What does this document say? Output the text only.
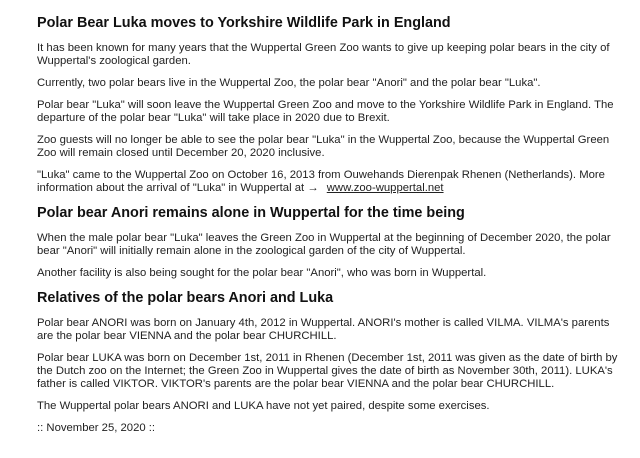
Polar Bear Luka moves to Yorkshire Wildlife Park in England

It has been known for many years that the Wuppertal Green Zoo wants to give up keeping polar bears in the city of Wuppertal's zoological garden.

Currently, two polar bears live in the Wuppertal Zoo, the polar bear "Anori" and the polar bear "Luka".

Polar bear "Luka" will soon leave the Wuppertal Green Zoo and move to the Yorkshire Wildlife Park in England. The departure of the polar bear "Luka" will take place in 2020 due to Brexit.

Zoo guests will no longer be able to see the polar bear "Luka" in the Wuppertal Zoo, because the Wuppertal Green Zoo will remain closed until December 20, 2020 inclusive.

"Luka" came to the Wuppertal Zoo on October 16, 2013 from Ouwehands Dierenpak Rhenen (Netherlands). More information about the arrival of "Luka" in Wuppertal at → www.zoo-wuppertal.net

Polar bear Anori remains alone in Wuppertal for the time being

When the male polar bear "Luka" leaves the Green Zoo in Wuppertal at the beginning of December 2020, the polar bear "Anori" will initially remain alone in the zoological garden of the city of Wuppertal.

Another facility is also being sought for the polar bear "Anori", who was born in Wuppertal.

Relatives of the polar bears Anori and Luka

Polar bear ANORI was born on January 4th, 2012 in Wuppertal. ANORI's mother is called VILMA. VILMA's parents are the polar bear VIENNA and the polar bear CHURCHILL.

Polar bear LUKA was born on December 1st, 2011 in Rhenen (December 1st, 2011 was given as the date of birth by the Dutch zoo on the Internet; the Green Zoo in Wuppertal gives the date of birth as November 30th, 2011). LUKA's father is called VIKTOR. VIKTOR's parents are the polar bear VIENNA and the polar bear CHURCHILL.

The Wuppertal polar bears ANORI and LUKA have not yet paired, despite some exercises.

:: November 25, 2020 ::
